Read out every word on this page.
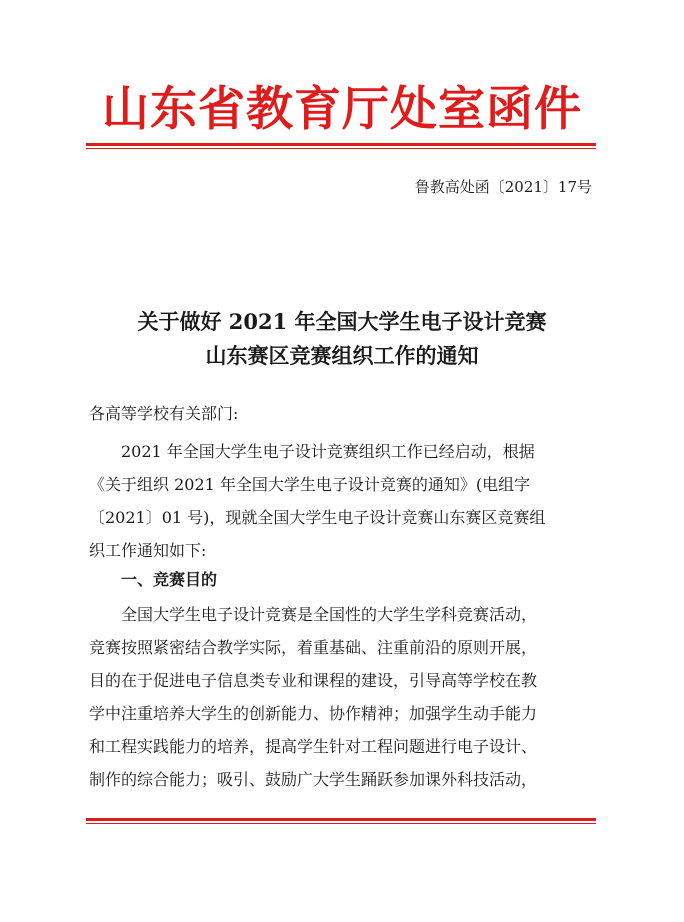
山东省教育厅处室函件
鲁教高处函〔2021〕17号
关于做好 2021 年全国大学生电子设计竞赛
山东赛区竞赛组织工作的通知
各高等学校有关部门:
2021 年全国大学生电子设计竞赛组织工作已经启动，根据
《关于组织 2021 年全国大学生电子设计竞赛的通知》(电组字
〔2021〕01 号)，现就全国大学生电子设计竞赛山东赛区竞赛组
织工作通知如下:
一、竞赛目的
全国大学生电子设计竞赛是全国性的大学生学科竞赛活动，
竞赛按照紧密结合教学实际，着重基础、注重前沿的原则开展，
目的在于促进电子信息类专业和课程的建设，引导高等学校在教
学中注重培养大学生的创新能力、协作精神；加强学生动手能力
和工程实践能力的培养，提高学生针对工程问题进行电子设计、
制作的综合能力；吸引、鼓励广大学生踊跃参加课外科技活动，
